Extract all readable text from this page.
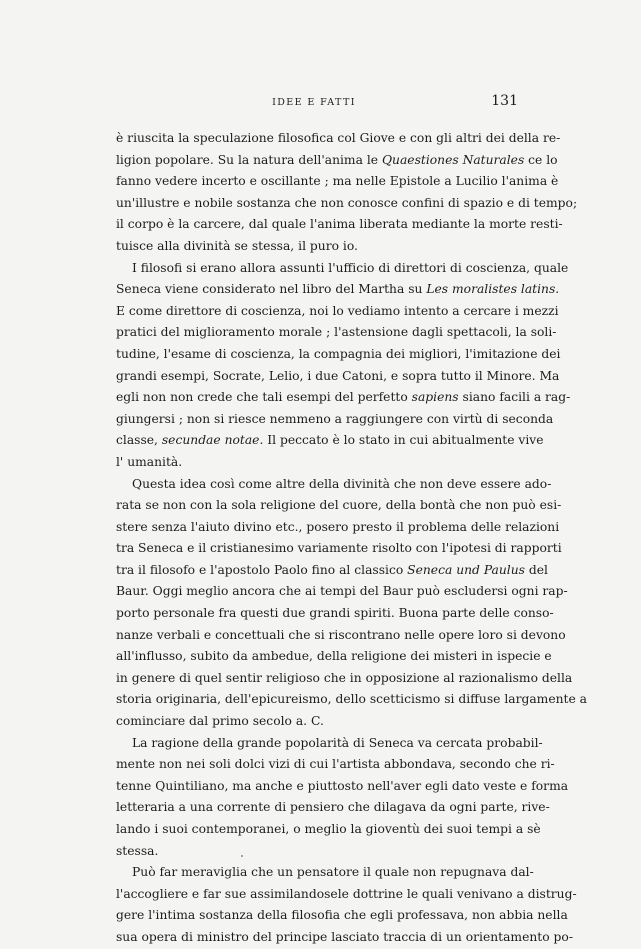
IDEE E FATTI	131
è riuscita la speculazione filosofica col Giove e con gli altri dei della re-
ligion popolare. Su la natura dell'anima le Quaestiones Naturales ce lo
fanno vedere incerto e oscillante ; ma nelle Epistole a Lucilio l'anima è
un'illustre e nobile sostanza che non conosce confini di spazio e di tempo;
il corpo è la carcere, dal quale l'anima liberata mediante la morte resti-
tuisce alla divinità se stessa, il puro io.
I filosofi si erano allora assunti l'ufficio di direttori di coscienza, quale
Seneca viene considerato nel libro del Martha su Les moralistes latins.
E come direttore di coscienza, noi lo vediamo intento a cercare i mezzi
pratici del miglioramento morale ; l'astensione dagli spettacoli, la soli-
tudine, l'esame di coscienza, la compagnia dei migliori, l'imitazione dei
grandi esempi, Socrate, Lelio, i due Catoni, e sopra tutto il Minore. Ma
egli non non crede che tali esempi del perfetto sapiens siano facili a rag-
giungersi ; non si riesce nemmeno a raggiungere con virtù di seconda
classe, secundae notae. Il peccato è lo stato in cui abitualmente vive
l' umanità.
Questa idea così come altre della divinità che non deve essere ado-
rata se non con la sola religione del cuore, della bontà che non può esi-
stere senza l'aiuto divino etc., posero presto il problema delle relazioni
tra Seneca e il cristianesimo variamente risolto con l'ipotesi di rapporti
tra il filosofo e l'apostolo Paolo fino al classico Seneca und Paulus del
Baur. Oggi meglio ancora che ai tempi del Baur può escludersi ogni rap-
porto personale fra questi due grandi spiriti. Buona parte delle conso-
nanze verbali e concettuali che si riscontrano nelle opere loro si devono
all'influsso, subito da ambedue, della religione dei misteri in ispecie e
in genere di quel sentir religioso che in opposizione al razionalismo della
storia originaria, dell'epicureismo, dello scetticismo si diffuse largamente a
cominciare dal primo secolo a. C.
La ragione della grande popolarità di Seneca va cercata probabil-
mente non nei soli dolci vizi di cui l'artista abbondava, secondo che ri-
tenne Quintiliano, ma anche e piuttosto nell'aver egli dato veste e forma
letteraria a una corrente di pensiero che dilagava da ogni parte, rive-
lando i suoi contemporanei, o meglio la gioventù dei suoi tempi a sè
stessa.
Può far meraviglia che un pensatore il quale non repugnava dal-
l'accogliere e far sue assimilandosele dottrine le quali venivano a distrug-
gere l'intima sostanza della filosofia che egli professava, non abbia nella
sua opera di ministro del principe lasciato traccia di un orientamento po-
